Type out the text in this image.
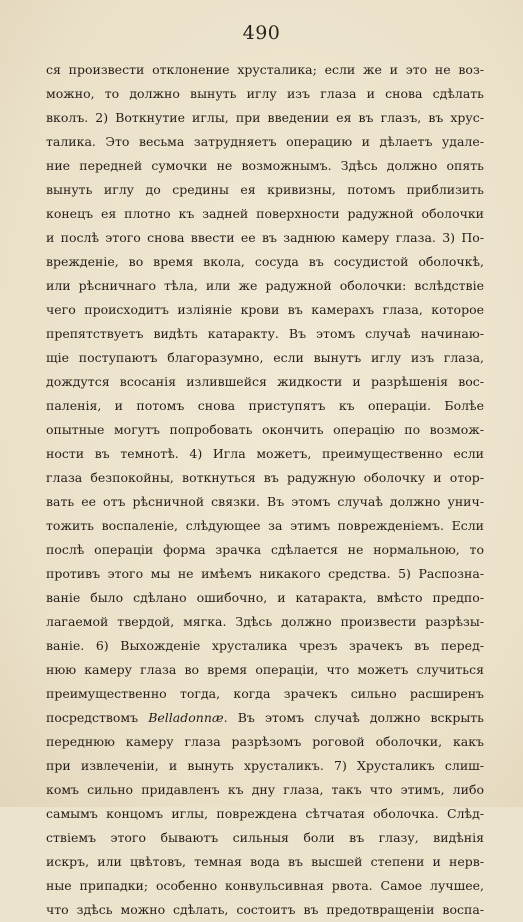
490
ся произвести отклонение хрусталика; если же и это не воз-
можно, то должно вынуть иглу изъ глаза и снова сдѣлать
вколъ. 2) Воткнутие иглы, при введении ея въ глазъ, въ хрус-
талика. Это весьма затрудняетъ операцию и дѣлаетъ удале-
ние передней сумочки не возможнымъ. Здѣсь должно опять
вынуть иглу до средины ея кривизны, потомъ приблизить
конецъ ея плотно къ задней поверхности радужной оболочки
и послѣ этого снова ввести ее въ заднюю камеру глаза. 3) По-
врежденіе, во время вкола, сосуда въ сосудистой оболочкѣ,
или рѣсничнаго тѣла, или же радужной оболочки: вслѣдствіе
чего происходитъ изліяніе крови въ камерахъ глаза, которое
препятствуетъ видѣть катаракту. Въ этомъ случаѣ начинаю-
щіе поступаютъ благоразумно, если вынутъ иглу изъ глаза,
дождутся всосанія излившейся жидкости и разрѣшенія вос-
паленія, и потомъ снова приступятъ къ операціи. Болѣе
опытные могутъ попробовать окончить операцію по возмож-
ности въ темнотѣ. 4) Игла можетъ, преимущественно если
глаза безпокойны, воткнуться въ радужную оболочку и отор-
вать ее отъ рѣсничной связки. Въ этомъ случаѣ должно унич-
тожить воспаленіе, слѣдующее за этимъ поврежденіемъ. Если
послѣ операціи форма зрачка сдѣлается не нормальною, то
противъ этого мы не имѣемъ никакого средства. 5) Распозна-
ваніе было сдѣлано ошибочно, и катаракта, вмѣсто предпо-
лагаемой твердой, мягка. Здѣсь должно произвести разрѣзы-
ваніе. 6) Выхожденіе хрусталика чрезъ зрачекъ въ перед-
нюю камеру глаза во время операціи, что можетъ случиться
преимущественно тогда, когда зрачекъ сильно расширенъ
посредствомъ Belladonnæ. Въ этомъ случаѣ должно вскрыть
переднюю камеру глаза разрѣзомъ роговой оболочки, какъ
при извлеченіи, и вынуть хрусталикъ. 7) Хрусталикъ слиш-
комъ сильно придавленъ къ дну глаза, такъ что этимъ, либо
самымъ концомъ иглы, повреждена сѣтчатая оболочка. Слѣд-
ствіемъ этого бываютъ сильныя боли въ глазу, видѣнія
искръ, или цвѣтовъ, темная вода въ высшей степени и нерв-
ные припадки; особенно конвульсивная рвота. Самое лучшее,
что здѣсь можно сдѣлать, состоитъ въ предотвращеніи воспа-
